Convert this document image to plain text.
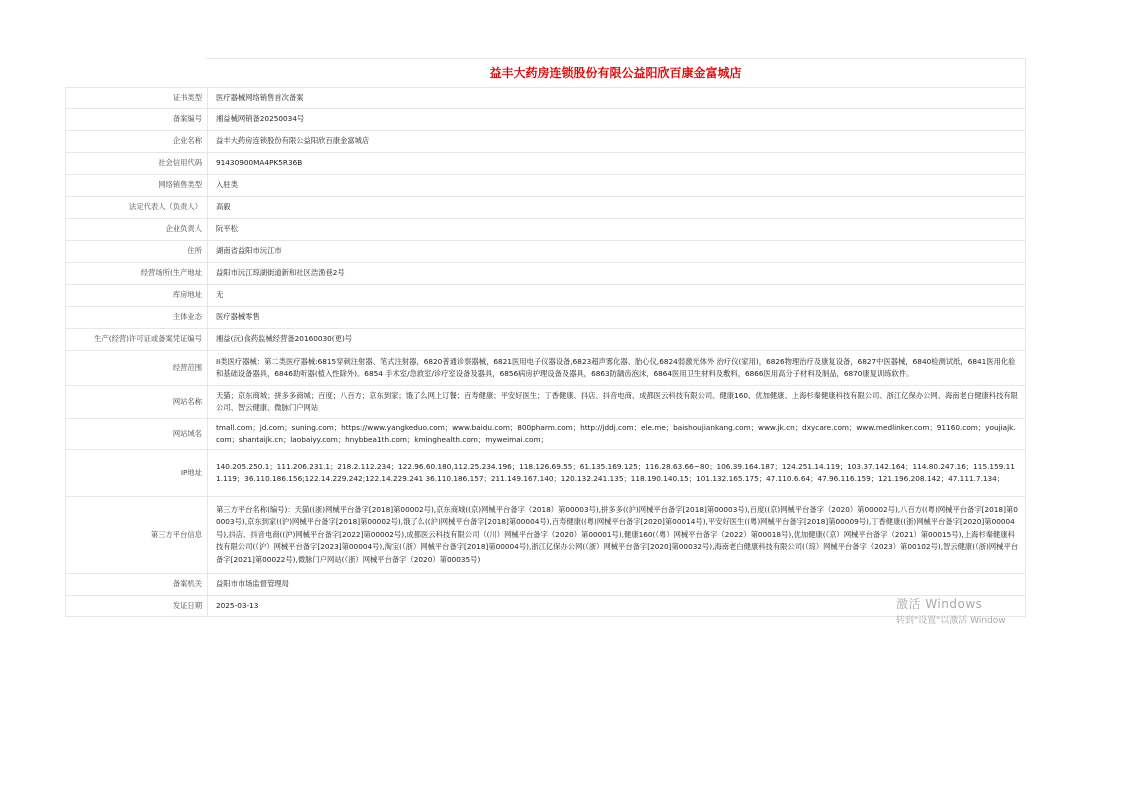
益丰大药房连锁股份有限公益阳欣百康金富城店
证书类型	医疗器械网络销售首次备案
备案编号	湘益械网销备20250034号
企业名称	益丰大药房连锁股份有限公益阳欣百康金富城店
社会信用代码	91430900MA4PK5R36B
网络销售类型	入驻类
法定代表人（负责人）	高毅
企业负责人	阮平松
住所	湖南省益阳市沅江市
经营场所(生产地址	益阳市沅江琼湖街道新和社区浩渔巷2号
库房地址	无
主体业态	医疗器械零售
生产(经营)许可证或备案凭证编号	湘益(沅)食药监械经营备20160030(更)号
经营范围	II类医疗器械：第二类医疗器械:6815穿刺注射器、笔式注射器，6820普通诊察器械，6821医用电子仪器设备,6823超声雾化器、胎心仪,6824弱激光体外 治疗仪(家用)，6826物理治疗及康复设备，6827中医器械，6840检测试纸，6841医用化验和基础设备器具，6846助听器(植入性除外)。6854 手术室/急救室/诊疗室设备及器具，6856病房护理设备及器具，6863防龋齿泡沫，6864医用卫生材料及敷料，6866医用高分子材料及制品，6870康复训练软件。
网站名称	天猫；京东商城；拼多多商城；百度；八百方；京东到家；饿了么网上订餐；百寿健康；平安好医生；丁香健康、抖店、抖音电商、成都医云科技有限公司、健康160、优加健康、上海杉秦健康科技有限公司、浙江亿保办公网、海南老白健康科技有限公司、智云健康、微脉门户网站
网站域名	tmall.com；jd.com；suning.com；https://www.yangkeduo.com；www.baidu.com；800pharm.com；http://jddj.com；ele.me；baishoujiankang.com；www.jk.cn；dxycare.com；www.medlinker.com；91160.com；youjiajk.com；shantaijk.cn；laobaiyy.com；hnybbea1th.com；kminghealth.com；myweimai.com；
IP地址	140.205.250.1；111.206.231.1；218.2.112.234；122.96.60.180,112.25.234.196；118.126.69.55；61.135.169.125；116.28.63.66~80；106.39.164.187；124.251.14.119；103.37.142.164；114.80.247.16；115.159.111.119；36.110.186.156;122.14.229.242;122.14.229.241 36.110.186.157；211.149.167.140；120.132.241.135；118.190.140.15；101.132.165.175；47.110.6.64；47.96.116.159；121.196.208.142；47.111.7.134；
第三方平台信息	第三方平台名称(编号)：天猫((浙)网械平台备字[2018]第00002号),京东商城((京)网械平台备字（2018）第00003号),拼多多((沪)网械平台备字[2018]第00003号),百度((京)网械平台备字（2020）第00002号),八百方((粤)网械平台备字[2018]第00003号),京东到家((沪)网械平台备字[2018]第00002号),饿了么((沪)网械平台备字[2018]第00004号),百寿健康((粤)网械平台备字[2020]第00014号),平安好医生((粤)网械平台备字[2018]第00009号),丁香健康((浙)网械平台备字[2020]第00004号),抖店、抖音电商((沪)网械平台备字[2022]第00002号),成都医云科技有限公司（(川）网械平台备字（2020）第00001号),健康160(（粤）网械平台备字（2022）第00018号),优加健康(（京）网械平台备字（2021）第00015号),上海杉秦健康科技有限公司(（沪）网械平台备字[2023]第00004号),淘宝(（浙）网械平台备字[2018]第00004号),浙江亿保办公网(（浙）网械平台备字[2020]第00032号),海南老白健康科技有限公司(（琼）网械平台备字（2023）第00102号),智云健康(（浙)网械平台备字[2021]第00022号),微脉门户网站(（浙）网械平台备字（2020）第00035号)
备案机关	益阳市市场监督管理局
发证日期	2025-03-13	激活 Windows
转到"设置"以激活 Window
